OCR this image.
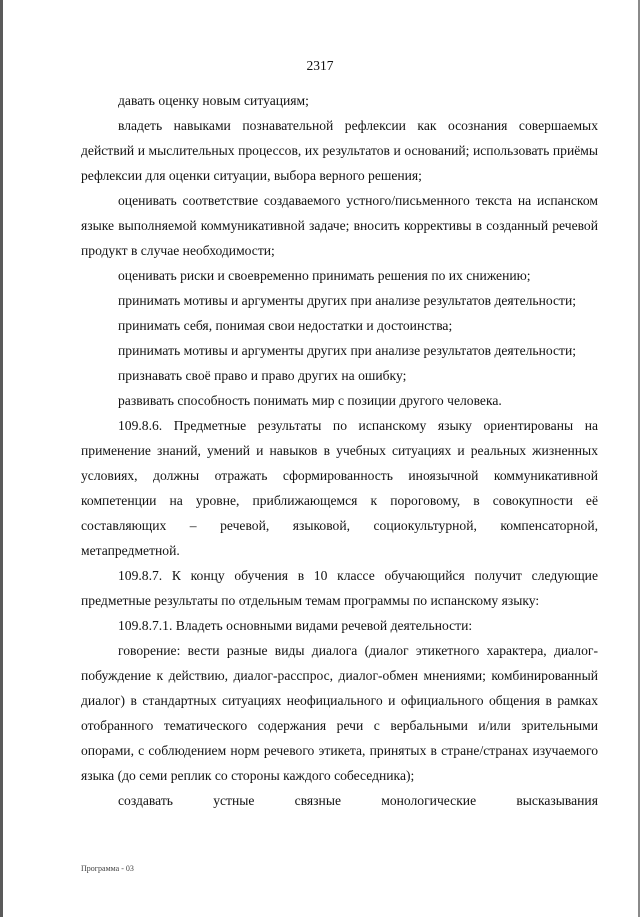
2317

давать оценку новым ситуациям;

владеть навыками познавательной рефлексии как осознания совершаемых действий и мыслительных процессов, их результатов и оснований; использовать приёмы рефлексии для оценки ситуации, выбора верного решения;

оценивать соответствие создаваемого устного/письменного текста на испанском языке выполняемой коммуникативной задаче; вносить коррективы в созданный речевой продукт в случае необходимости;

оценивать риски и своевременно принимать решения по их снижению;

принимать мотивы и аргументы других при анализе результатов деятельности;

принимать себя, понимая свои недостатки и достоинства;

принимать мотивы и аргументы других при анализе результатов деятельности;

признавать своё право и право других на ошибку;

развивать способность понимать мир с позиции другого человека.

109.8.6. Предметные результаты по испанскому языку ориентированы на применение знаний, умений и навыков в учебных ситуациях и реальных жизненных условиях, должны отражать сформированность иноязычной коммуникативной компетенции на уровне, приближающемся к пороговому, в совокупности её составляющих – речевой, языковой, социокультурной, компенсаторной, метапредметной.

109.8.7. К концу обучения в 10 классе обучающийся получит следующие предметные результаты по отдельным темам программы по испанскому языку:

109.8.7.1. Владеть основными видами речевой деятельности:

говорение: вести разные виды диалога (диалог этикетного характера, диалог-побуждение к действию, диалог-расспрос, диалог-обмен мнениями; комбинированный диалог) в стандартных ситуациях неофициального и официального общения в рамках отобранного тематического содержания речи с вербальными и/или зрительными опорами, с соблюдением норм речевого этикета, принятых в стране/странах изучаемого языка (до семи реплик со стороны каждого собеседника);

создавать	устные	связные	монологические	высказывания
Программа - 03
